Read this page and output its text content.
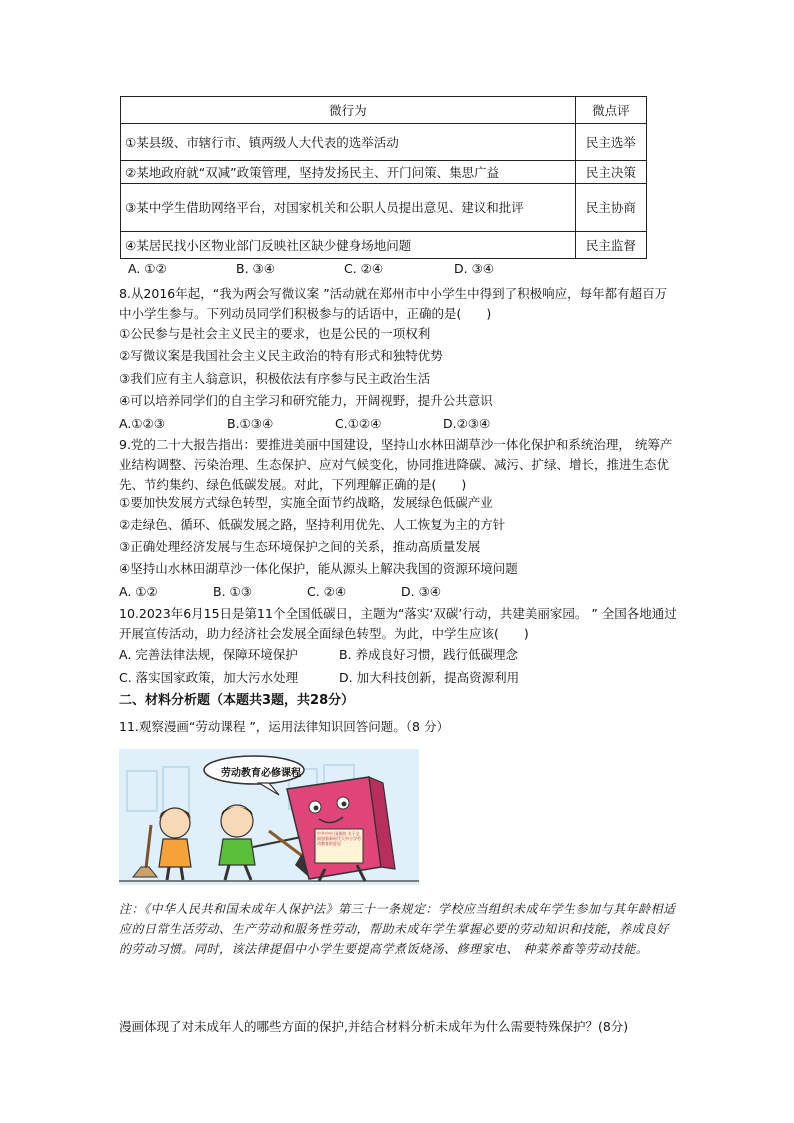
微行为	微点评
①某县级、市辖行市、镇两级人大代表的选举活动	民主选举
②某地政府就“双减”政策管理，坚持发扬民主、开门问策、集思广益	民主决策
③某中学生借助网络平台，对国家机关和公职人员提出意见、建议和批评	民主协商
④某居民找小区物业部门反映社区缺少健身场地问题	民主监督
A. ①②	B. ③④	C. ②④	D. ③④
8.从2016年起，“我为两会写微议案 ”活动就在郑州市中小学生中得到了积极响应，每年都有超百万中小学生参与。下列动员同学们积极参与的话语中，正确的是(　　)
①公民参与是社会主义民主的要求，也是公民的一项权利
②写微议案是我国社会主义民主政治的特有形式和独特优势
③我们应有主人翁意识，积极依法有序参与民主政治生活
④可以培养同学们的自主学习和研究能力，开阔视野，提升公共意识
A.①②③	B.①③④	C.①②④	D.②③④
9.党的二十大报告指出：要推进美丽中国建设，坚持山水林田湖草沙一体化保护和系统治理， 统筹产业结构调整、污染治理、生态保护、应对气候变化，协同推进降碳、减污、扩绿、增长，推进生态优先、节约集约、绿色低碳发展。对此，下列理解正确的是(　　)
①要加快发展方式绿色转型，实施全面节约战略，发展绿色低碳产业
②走绿色、循环、低碳发展之路，坚持利用优先、人工恢复为主的方针
③正确处理经济发展与生态环境保护之间的关系，推动高质量发展
④坚持山水林田湖草沙一体化保护，能从源头上解决我国的资源环境问题
A. ①②	B. ①③	C. ②④	D. ③④
10.2023年6月15日是第11个全国低碳日，主题为“落实‘双碳’行动，共建美丽家园。 ” 全国各地通过开展宣传活动，助力经济社会发展全面绿色转型。为此，中学生应该(　　)
A. 完善法律法规，保障环境保护	B. 养成良好习惯，践行低碳理念
C. 落实国家政策，加大污水处理	D. 加大科技创新，提高资源利用
二、材料分析题（本题共3题，共28分）
11.观察漫画“劳动课程 ”，运用法律知识回答问题。（8 分）
劳动教育必修课程
中共中央 国务院 关于全面加强新时代大中小学劳动教育的意见
注：《中华人民共和国未成年人保护法》第三十一条规定：学校应当组织未成年学生参加与其年龄相适应的日常生活劳动、生产劳动和服务性劳动，帮助未成年学生掌握必要的劳动知识和技能，养成良好的劳动习惯。同时，该法律提倡中小学生要提高学煮饭烧汤、修理家电、 种菜养畜等劳动技能。
漫画体现了对未成年人的哪些方面的保护,并结合材料分析未成年为什么需要特殊保护？(8分)
